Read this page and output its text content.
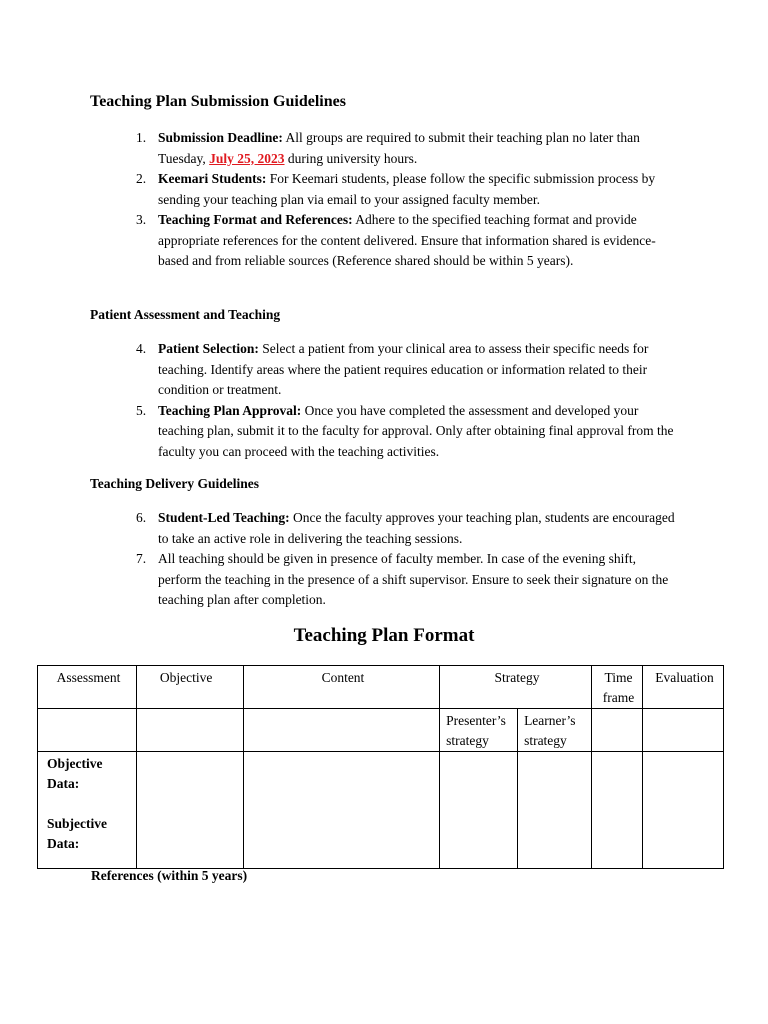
Teaching Plan Submission Guidelines
1. Submission Deadline: All groups are required to submit their teaching plan no later than Tuesday, July 25, 2023 during university hours.
2. Keemari Students: For Keemari students, please follow the specific submission process by sending your teaching plan via email to your assigned faculty member.
3. Teaching Format and References: Adhere to the specified teaching format and provide appropriate references for the content delivered. Ensure that information shared is evidence-based and from reliable sources (Reference shared should be within 5 years).
Patient Assessment and Teaching
4. Patient Selection: Select a patient from your clinical area to assess their specific needs for teaching. Identify areas where the patient requires education or information related to their condition or treatment.
5. Teaching Plan Approval: Once you have completed the assessment and developed your teaching plan, submit it to the faculty for approval. Only after obtaining final approval from the faculty you can proceed with the teaching activities.
Teaching Delivery Guidelines
6. Student-Led Teaching: Once the faculty approves your teaching plan, students are encouraged to take an active role in delivering the teaching sessions.
7. All teaching should be given in presence of faculty member. In case of the evening shift, perform the teaching in the presence of a shift supervisor. Ensure to seek their signature on the teaching plan after completion.
Teaching Plan Format
Assessment	Objective	Content	Strategy		Time frame	Evaluation
			Presenter’s strategy	Learner’s strategy		

Objective Data:
Subjective Data:						

References (within 5 years)
